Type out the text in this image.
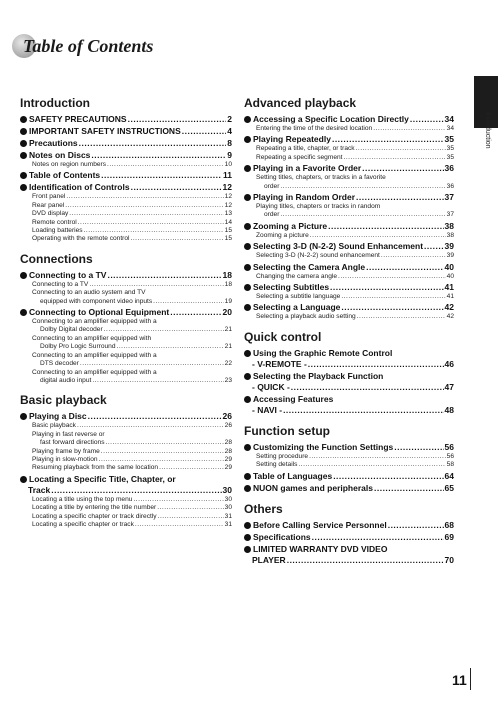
Table of Contents
Introduction
Introduction
SAFETY PRECAUTIONS .....	2
IMPORTANT SAFETY INSTRUCTIONS .....	4
Precautions .....	8
Notes on Discs .....	9
Notes on region numbers .....	10
Table of Contents .....	11
Identification of Controls .....	12
Front panel .....	12
Rear panel .....	12
DVD display .....	13
Remote control .....	14
Loading batteries .....	15
Operating with the remote control .....	15
Connections
Connecting to a TV .....	18
Connecting to a TV .....	18
Connecting to an audio system and TV
equipped with component video inputs .....	19
Connecting to Optional Equipment .....	20
Connecting to an amplifier equipped with a
Dolby Digital decoder .....	21
Connecting to an amplifier equipped with
Dolby Pro Logic Surround .....	21
Connecting to an amplifier equipped with a
DTS decoder .....	22
Connecting to an amplifier equipped with a
digital audio input .....	23
Basic playback
Playing a Disc .....	26
Basic playback .....	26
Playing in fast reverse or
fast forward directions .....	28
Playing frame by frame .....	28
Playing in slow-motion .....	29
Resuming playback from the same location .....	29
Locating a Specific Title, Chapter, or
Track .....	30
Locating a title using the top menu .....	30
Locating a title by entering the title number .....	30
Locating a specific chapter or track directly .....	31
Locating a specific chapter or track .....	31
Advanced playback
Accessing a Specific Location Directly .....	34
Entering the time of the desired location .....	34
Playing Repeatedly .....	35
Repeating a title, chapter, or track .....	35
Repeating a specific segment .....	35
Playing in a Favorite Order .....	36
Setting titles, chapters, or tracks in a favorite
order .....	36
Playing in Random Order .....	37
Playing titles, chapters or tracks in random
order .....	37
Zooming a Picture .....	38
Zooming a picture .....	38
Selecting 3-D (N-2-2) Sound Enhancement .....	39
Selecting 3-D (N-2-2) sound enhancement .....	39
Selecting the Camera Angle .....	40
Changing the camera angle .....	40
Selecting Subtitles .....	41
Selecting a subtitle language .....	41
Selecting a Language .....	42
Selecting a playback audio setting .....	42
Quick control
Using the Graphic Remote Control
- V-REMOTE - .....	46
Selecting the Playback Function
- QUICK - .....	47
Accessing Features
- NAVI - .....	48
Function setup
Customizing the Function Settings .....	56
Setting procedure .....	56
Setting details .....	58
Table of Languages .....	64
NUON games and peripherals .....	65
Others
Before Calling Service Personnel .....	68
Specifications .....	69
LIMITED WARRANTY DVD VIDEO
PLAYER .....	70
11
